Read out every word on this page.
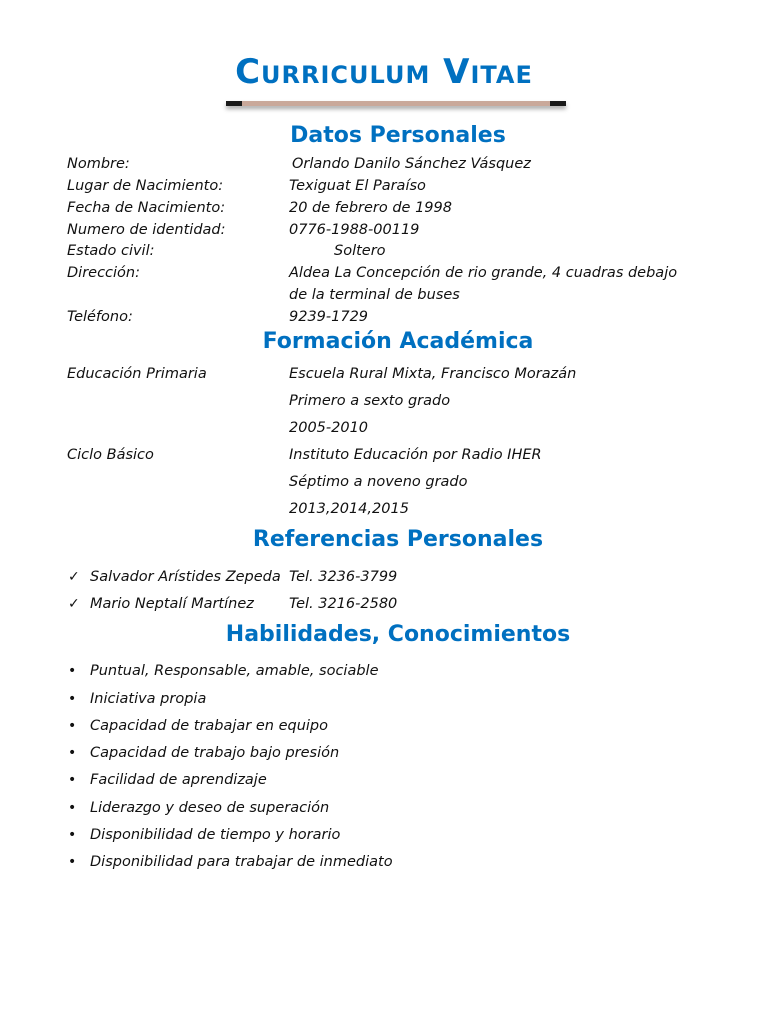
Curriculum Vitae
Datos Personales
Nombre:	Orlando Danilo Sánchez Vásquez
Lugar de Nacimiento:	Texiguat El Paraíso
Fecha de Nacimiento:	20 de febrero de 1998
Numero de identidad:	0776-1988-00119
Estado civil:	Soltero
Dirección:	Aldea La Concepción de rio grande, 4 cuadras debajo
de la terminal de buses
Teléfono:	9239-1729
Formación Académica
Educación Primaria	Escuela Rural Mixta, Francisco Morazán
Primero a sexto grado
2005-2010
Ciclo Básico	Instituto Educación por Radio IHER
Séptimo a noveno grado
2013,2014,2015
Referencias Personales
✓ Salvador Arístides Zepeda Tel. 3236-3799
✓ Mario Neptalí Martínez Tel. 3216-2580
Habilidades, Conocimientos
• Puntual, Responsable, amable, sociable
• Iniciativa propia
• Capacidad de trabajar en equipo
• Capacidad de trabajo bajo presión
• Facilidad de aprendizaje
• Liderazgo y deseo de superación
• Disponibilidad de tiempo y horario
• Disponibilidad para trabajar de inmediato
